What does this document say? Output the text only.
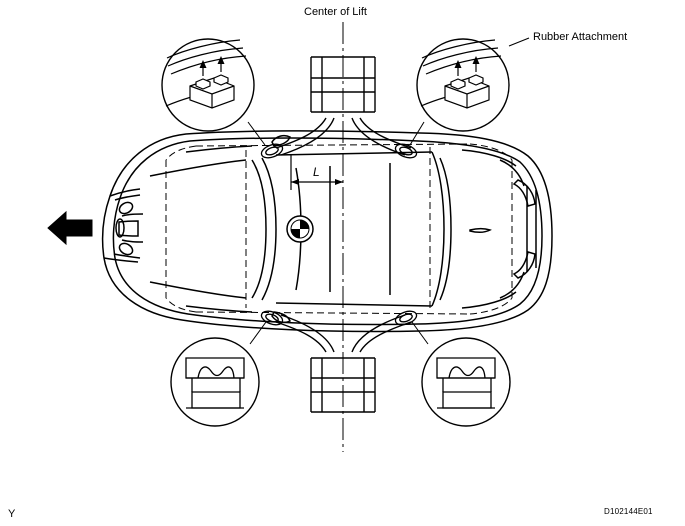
Center of Lift
Rubber Attachment
L
Y	D102144E01
